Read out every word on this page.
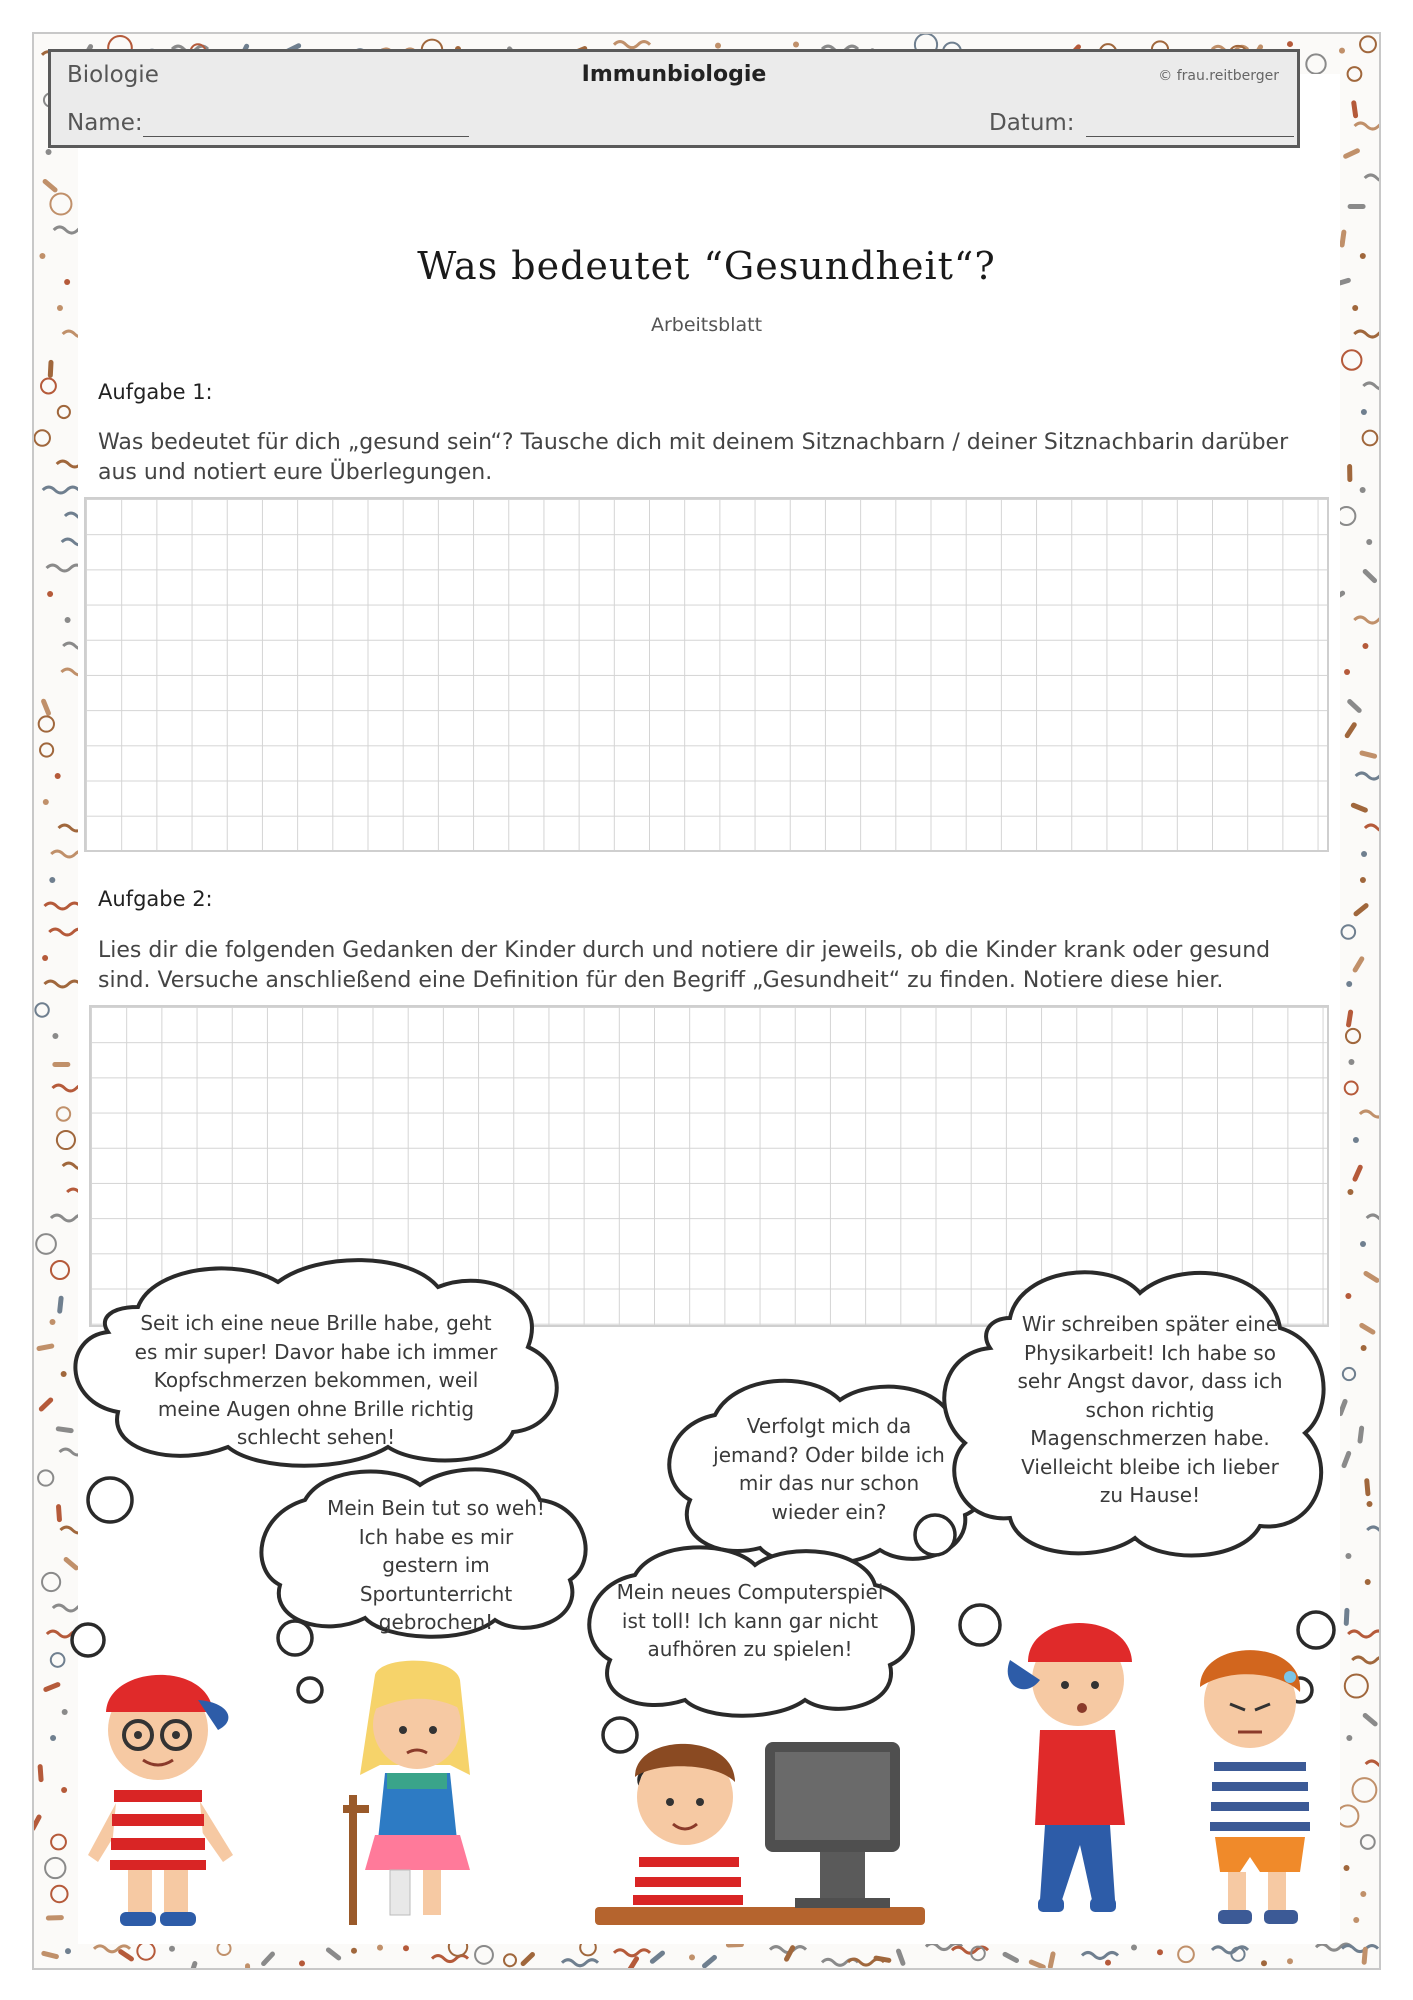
Biologie	Immunbiologie	© frau.reitberger
Name:	Datum:
Was bedeutet “Gesundheit“?
Arbeitsblatt
Aufgabe 1:
Was bedeutet für dich „gesund sein“? Tausche dich mit deinem Sitznachbarn / deiner Sitznachbarin darüber aus und notiert eure Überlegungen.
Aufgabe 2:
Lies dir die folgenden Gedanken der Kinder durch und notiere dir jeweils, ob die Kinder krank oder gesund sind. Versuche anschließend eine Definition für den Begriff „Gesundheit“ zu finden. Notiere diese hier.
Seit ich eine neue Brille habe, geht es mir super! Davor habe ich immer Kopfschmerzen bekommen, weil meine Augen ohne Brille richtig schlecht sehen!
Mein Bein tut so weh! Ich habe es mir gestern im Sportunterricht gebrochen!
Verfolgt mich da jemand? Oder bilde ich mir das nur schon wieder ein?
Wir schreiben später eine Physikarbeit! Ich habe so sehr Angst davor, dass ich schon richtig Magenschmerzen habe. Vielleicht bleibe ich lieber zu Hause!
Mein neues Computerspiel ist toll! Ich kann gar nicht aufhören zu spielen!
